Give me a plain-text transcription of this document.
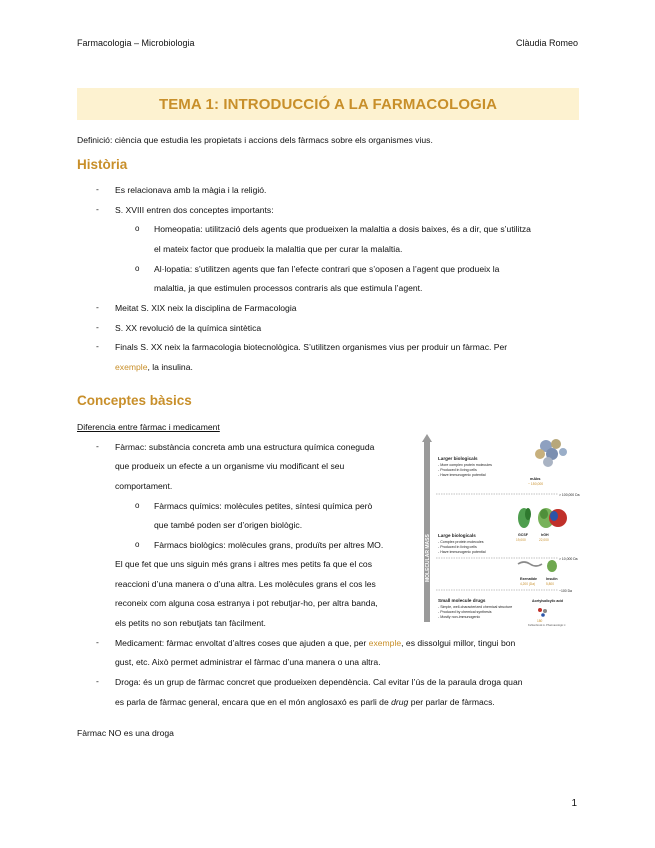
Farmacologia – Microbiologia	Clàudia Romeo
TEMA 1: INTRODUCCIÓ A LA FARMACOLOGIA
Definició: ciència que estudia les propietats i accions dels fàrmacs sobre els organismes vius.
Història
- Es relacionava amb la màgia i la religió.
- S. XVIII entren dos conceptes importants:
o Homeopatia: utilització dels agents que produeixen la malaltia a dosis baixes, és a dir, que s’utilitza
el mateix factor que produeix la malaltia que per curar la malaltia.
o Al·lopatia: s’utilitzen agents que fan l’efecte contrari que s’oposen a l’agent que produeix la
malaltia, ja que estimulen processos contraris als que estimula l’agent.
- Meitat S. XIX neix la disciplina de Farmacologia
- S. XX revolució de la química sintètica
- Finals S. XX neix la farmacologia biotecnològica. S’utilitzen organismes vius per produir un fàrmac. Per
exemple, la insulina.
Conceptes bàsics
Diferencia entre fàrmac i medicament
- Fàrmac: substància concreta amb una estructura química coneguda
que produeix un efecte a un organisme viu modificant el seu
comportament.
o Fàrmacs químics: molècules petites, síntesi química però
que també poden ser d’origen biològic.
o Fàrmacs biològics: molècules grans, produïts per altres MO.
El que fet que uns siguin més grans i altres mes petits fa que el cos
reaccioni d’una manera o d’una altra. Les molècules grans el cos les
reconeix com alguna cosa estranya i pot rebutjar-ho, per altra banda,
els petits no son rebutjats tan fàcilment.
- Medicament: fàrmac envoltat d’altres coses que ajuden a que, per exemple, es dissolgui millor, tingui bon
gust, etc. Això permet administrar el fàrmac d’una manera o una altra.
- Droga: és un grup de fàrmac concret que produeixen dependència. Cal evitar l’ús de la paraula droga quan
es parla de fàrmac general, encara que en el món anglosaxó es parli de drug per parlar de fàrmacs.
Fàrmac NO es una droga
MOLECULAR MASS
Larger biologicals
- More complex protein molecules
- Produced in living cells
- Have immunogenic potential
mAbs
~ 150,000
> 100,000 Da
Large biologicals
- Complex protein molecules
- Produced in living cells
- Have immunogenic potential
GCSF
19,000
hGH
22,000
> 10,000 Da
Exenatide
4,200 (Da)
Insulin
5,800
~100 Da
Small molecule drugs
- Simple, well-characterized chemical structure
- Produced by chemical synthesis
- Mostly non-immunogenic
Acetylsalicylic acid
180
Kuhlenbreck A. Pharmacologic J.
1
